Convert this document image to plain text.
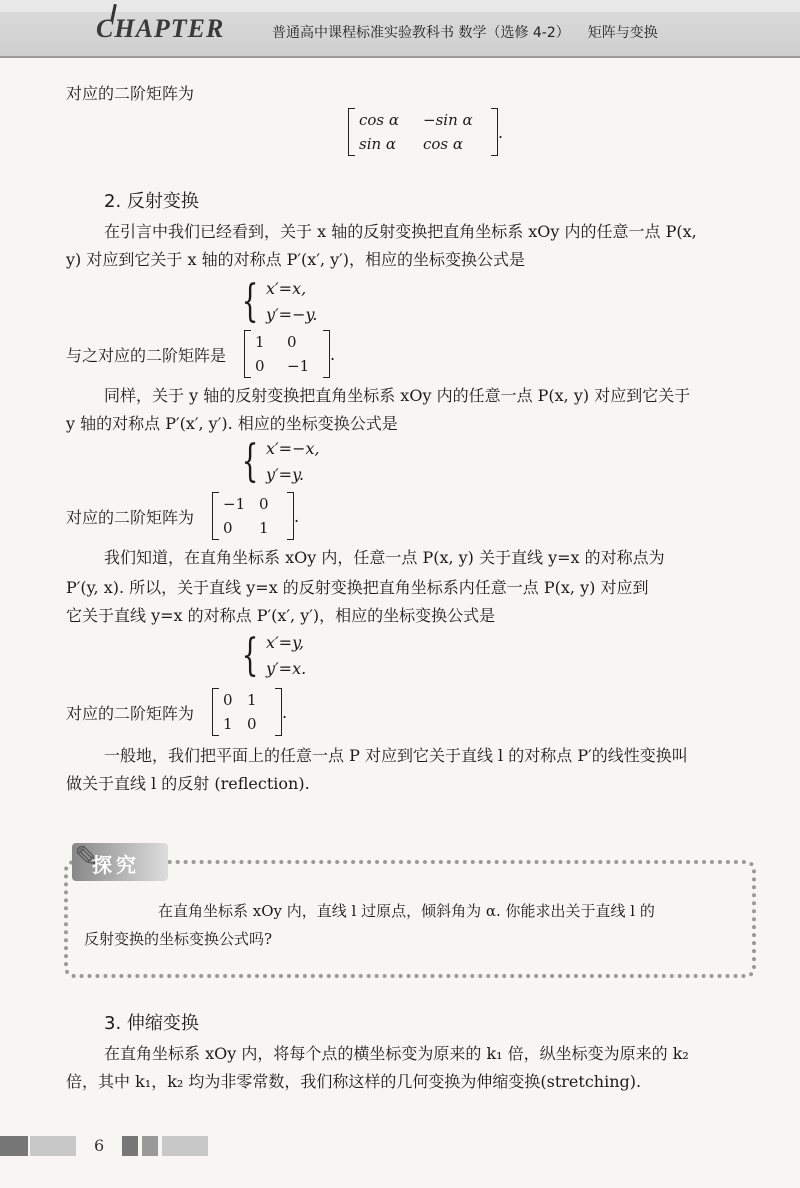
CHAPTER	普通高中课程标准实验教科书 数学（选修 4-2） 矩阵与变换
对应的二阶矩阵为
cos α	−sin α
sin α	cos α
.
2. 反射变换
在引言中我们已经看到，关于 x 轴的反射变换把直角坐标系 xOy 内的任意一点 P(x,
y) 对应到它关于 x 轴的对称点 P′(x′, y′)，相应的坐标变换公式是
{ x′=x,
y′=−y.
与之对应的二阶矩阵是
1	0
0	−1
.
同样，关于 y 轴的反射变换把直角坐标系 xOy 内的任意一点 P(x, y) 对应到它关于
y 轴的对称点 P′(x′, y′). 相应的坐标变换公式是
{ x′=−x,
y′=y.
对应的二阶矩阵为
−1 0
0	1
.
我们知道，在直角坐标系 xOy 内，任意一点 P(x, y) 关于直线 y=x 的对称点为
P′(y, x). 所以，关于直线 y=x 的反射变换把直角坐标系内任意一点 P(x, y) 对应到
它关于直线 y=x 的对称点 P′(x′, y′)，相应的坐标变换公式是
{ x′=y,
y′=x.
对应的二阶矩阵为
0 1
1 0
.
一般地，我们把平面上的任意一点 P 对应到它关于直线 l 的对称点 P′的线性变换叫
做关于直线 l 的反射 (reflection).
✎
探究
在直角坐标系 xOy 内，直线 l 过原点，倾斜角为 α. 你能求出关于直线 l 的
反射变换的坐标变换公式吗?
3. 伸缩变换
在直角坐标系 xOy 内，将每个点的横坐标变为原来的 k₁ 倍，纵坐标变为原来的 k₂
倍，其中 k₁，k₂ 均为非零常数，我们称这样的几何变换为伸缩变换(stretching).
6
